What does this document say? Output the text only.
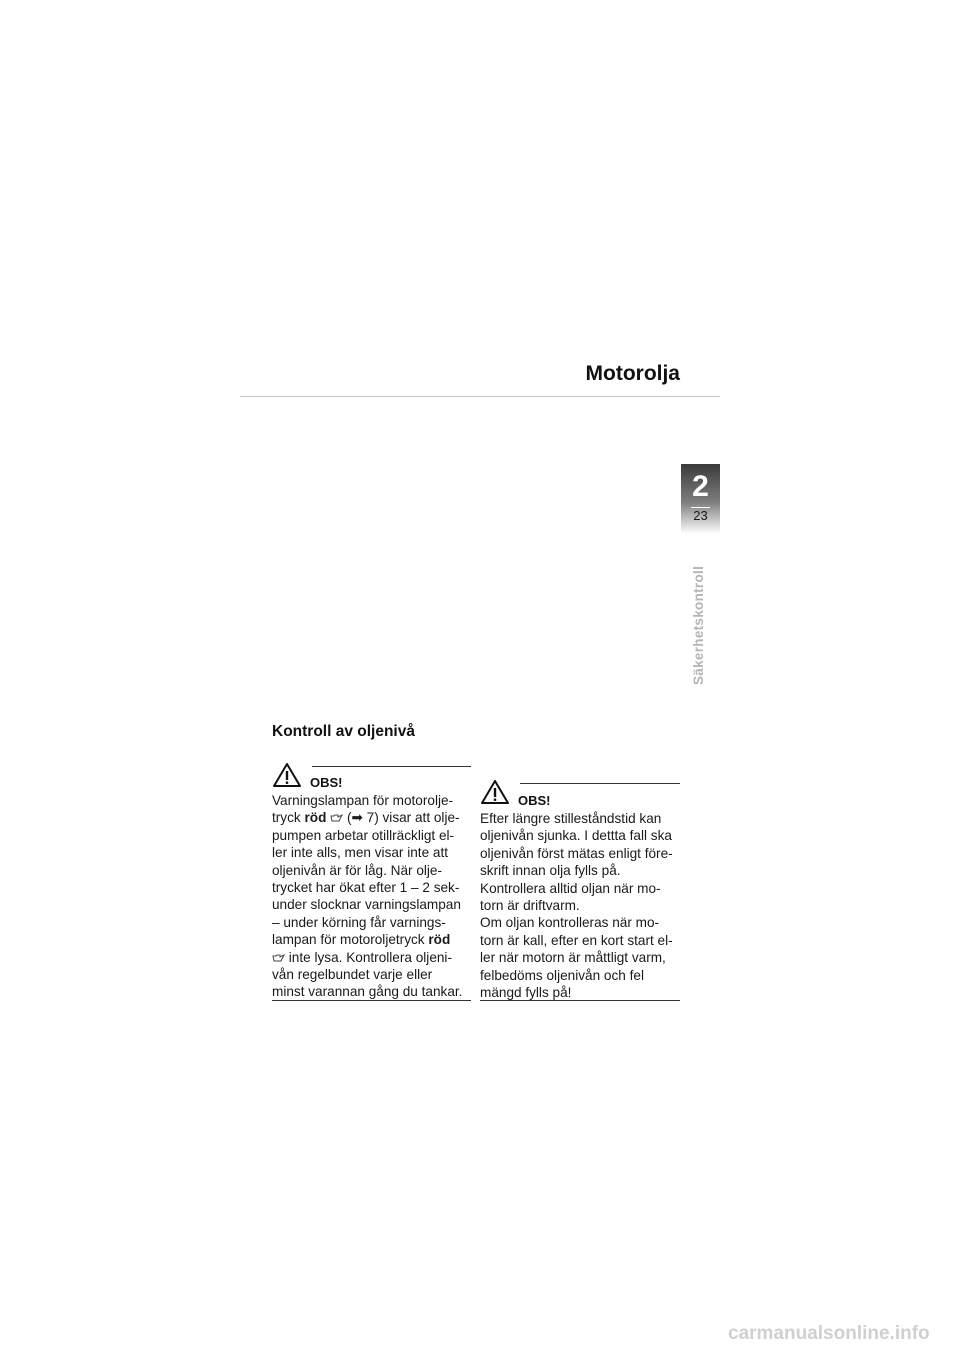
Motorolja
2
23
Säkerhetskontroll
Kontroll av oljenivå
OBS!
Varningslampan för motorolje-
tryck röd  (➡ 7) visar att olje-
pumpen arbetar otillräckligt el-
ler inte alls, men visar inte att
oljenivån är för låg. När olje-
trycket har ökat efter 1 – 2 sek-
under slocknar varningslampan
– under körning får varnings-
lampan för motoroljetryck röd
inte lysa. Kontrollera oljeni-
vån regelbundet varje eller
minst varannan gång du tankar.
OBS!
Efter längre stilleståndstid kan
oljenivån sjunka. I dettta fall ska
oljenivån först mätas enligt före-
skrift innan olja fylls på.
Kontrollera alltid oljan när mo-
torn är driftvarm.
Om oljan kontrolleras när mo-
torn är kall, efter en kort start el-
ler när motorn är måttligt varm,
felbedöms oljenivån och fel
mängd fylls på!
carmanualsonline.info
